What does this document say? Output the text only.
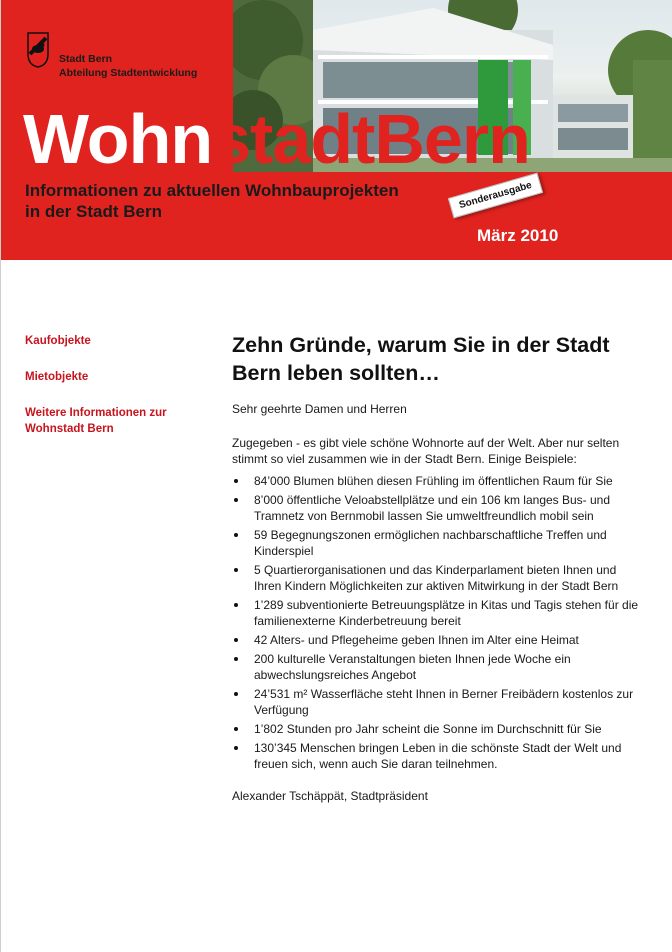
Stadt Bern
Abteilung Stadtentwicklung
WohnstadtBern
Informationen zu aktuellen Wohnbauprojekten
in der Stadt Bern
Sonderausgabe
März 2010
Kaufobjekte
Mietobjekte
Weitere Informationen zur Wohnstadt Bern
Zehn Gründe, warum Sie in der Stadt Bern leben sollten…

Sehr geehrte Damen und Herren

Zugegeben - es gibt viele schöne Wohnorte auf der Welt. Aber nur selten stimmt so viel zusammen wie in der Stadt Bern. Einige Beispiele:

84’000 Blumen blühen diesen Frühling im öffentlichen Raum für Sie
8’000 öffentliche Veloabstellplätze und ein 106 km langes Bus- und Tramnetz von Bernmobil lassen Sie umweltfreundlich mobil sein
59 Begegnungszonen ermöglichen nachbarschaftliche Treffen und Kinderspiel
5 Quartierorganisationen und das Kinderparlament bieten Ihnen und Ihren Kindern Möglichkeiten zur aktiven Mitwirkung in der Stadt Bern
1’289 subventionierte Betreuungsplätze in Kitas und Tagis stehen für die familienexterne Kinderbetreuung bereit
42 Alters- und Pflegeheime geben Ihnen im Alter eine Heimat
200 kulturelle Veranstaltungen bieten Ihnen jede Woche ein abwechslungsreiches Angebot
24’531 m² Wasserfläche steht Ihnen in Berner Freibädern kostenlos zur Verfügung
1’802 Stunden pro Jahr scheint die Sonne im Durchschnitt für Sie
130’345 Menschen bringen Leben in die schönste Stadt der Welt und freuen sich, wenn auch Sie daran teilnehmen.

Alexander Tschäppät, Stadtpräsident
